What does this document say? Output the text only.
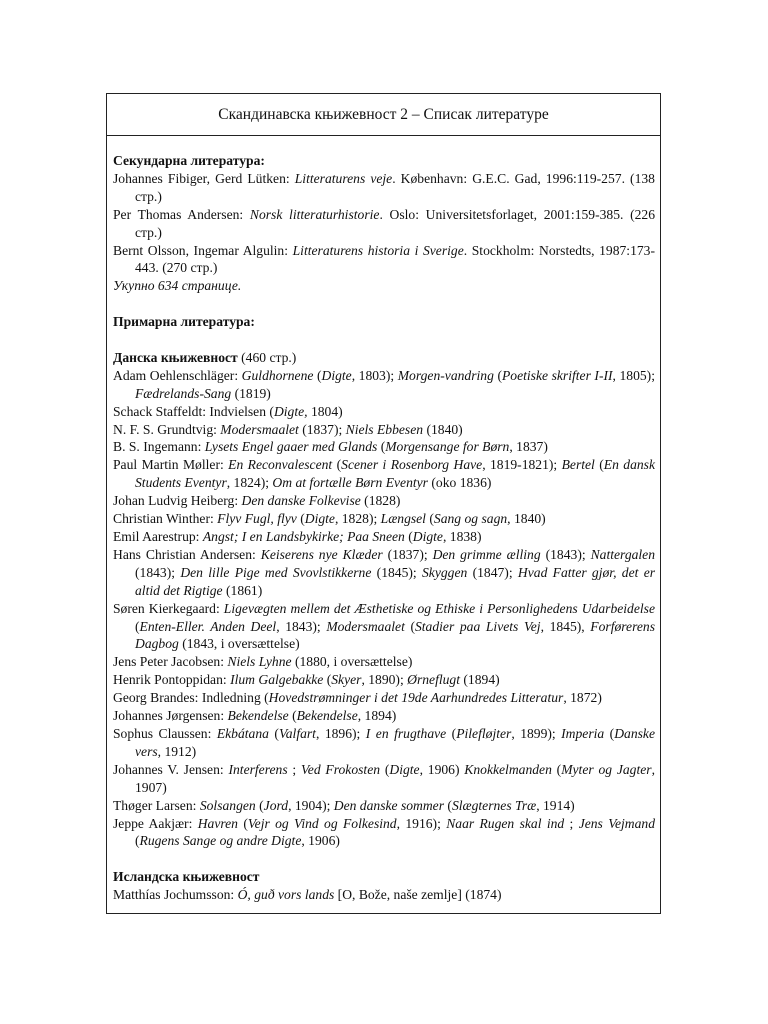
Скандинавска књижевност 2 – Списак литературе
Секундарна литература:
Johannes Fibiger, Gerd Lütken: Litteraturens veje. København: G.E.C. Gad, 1996:119-257. (138 стр.)
Per Thomas Andersen: Norsk litteraturhistorie. Oslo: Universitetsforlaget, 2001:159-385. (226 стр.)
Bernt Olsson, Ingemar Algulin: Litteraturens historia i Sverige. Stockholm: Norstedts, 1987:173-443. (270 стр.)
Укупно 634 странице.
Примарна литература:
Данска књижевност (460 стр.)
Adam Oehlenschläger: Guldhornene (Digte, 1803); Morgen-vandring (Poetiske skrifter I-II, 1805); Fædrelands-Sang (1819)
Schack Staffeldt: Indvielsen (Digte, 1804)
N. F. S. Grundtvig: Modersmaalet (1837); Niels Ebbesen (1840)
B. S. Ingemann: Lysets Engel gaaer med Glands (Morgensange for Børn, 1837)
Paul Martin Møller: En Reconvalescent (Scener i Rosenborg Have, 1819-1821); Bertel (En dansk Students Eventyr, 1824); Om at fortælle Børn Eventyr (oko 1836)
Johan Ludvig Heiberg: Den danske Folkevise (1828)
Christian Winther: Flyv Fugl, flyv (Digte, 1828); Længsel (Sang og sagn, 1840)
Emil Aarestrup: Angst; I en Landsbykirke; Paa Sneen (Digte, 1838)
Hans Christian Andersen: Keiserens nye Klæder (1837); Den grimme ælling (1843); Nattergalen (1843); Den lille Pige med Svovlstikkerne (1845); Skyggen (1847); Hvad Fatter gjør, det er altid det Rigtige (1861)
Søren Kierkegaard: Ligevægten mellem det Æsthetiske og Ethiske i Personlighedens Udarbeidelse (Enten-Eller. Anden Deel, 1843); Modersmaalet (Stadier paa Livets Vej, 1845), Forførerens Dagbog (1843, i oversættelse)
Jens Peter Jacobsen: Niels Lyhne (1880, i oversættelse)
Henrik Pontoppidan: Ilum Galgebakke (Skyer, 1890); Ørneflugt (1894)
Georg Brandes: Indledning (Hovedstrømninger i det 19de Aarhundredes Litteratur, 1872)
Johannes Jørgensen: Bekendelse (Bekendelse, 1894)
Sophus Claussen: Ekbátana (Valfart, 1896); I en frugthave (Pilefløjter, 1899); Imperia (Danske vers, 1912)
Johannes V. Jensen: Interferens ; Ved Frokosten (Digte, 1906) Knokkelmanden (Myter og Jagter, 1907)
Thøger Larsen: Solsangen (Jord, 1904); Den danske sommer (Slægternes Træ, 1914)
Jeppe Aakjær: Havren (Vejr og Vind og Folkesind, 1916); Naar Rugen skal ind ; Jens Vejmand (Rugens Sange og andre Digte, 1906)
Исландска књижевност
Matthías Jochumsson: Ó, guð vors lands [O, Bože, naše zemlje] (1874)
